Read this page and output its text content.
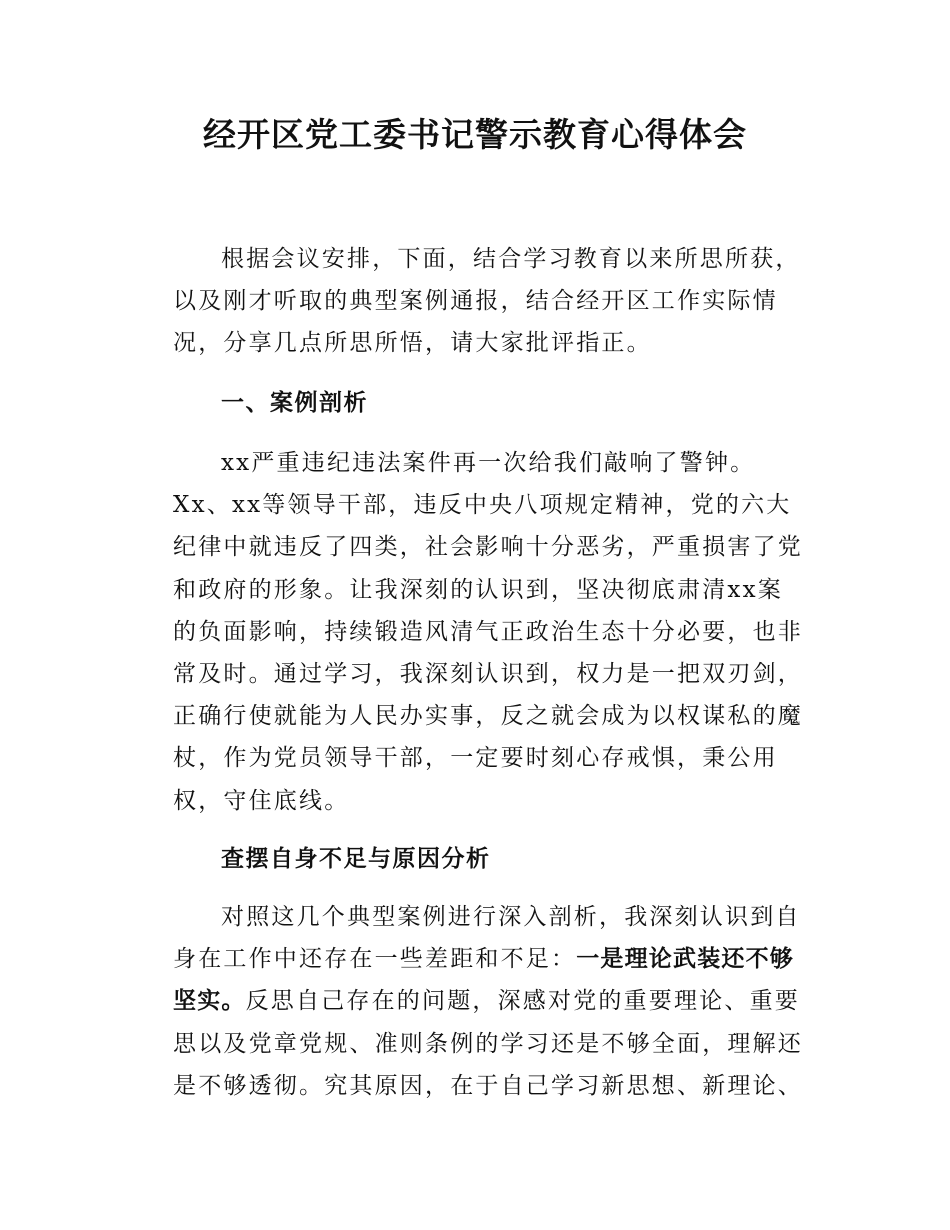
经开区党工委书记警示教育心得体会

根据会议安排，下面，结合学习教育以来所思所获，以及刚才听取的典型案例通报，结合经开区工作实际情况，分享几点所思所悟，请大家批评指正。

一、案例剖析

xx严重违纪违法案件再一次给我们敲响了警钟。Xx、xx等领导干部，违反中央八项规定精神，党的六大纪律中就违反了四类，社会影响十分恶劣，严重损害了党和政府的形象。让我深刻的认识到，坚决彻底肃清xx案的负面影响，持续锻造风清气正政治生态十分必要，也非常及时。通过学习，我深刻认识到，权力是一把双刃剑，正确行使就能为人民办实事，反之就会成为以权谋私的魔杖，作为党员领导干部，一定要时刻心存戒惧，秉公用权，守住底线。

查摆自身不足与原因分析

对照这几个典型案例进行深入剖析，我深刻认识到自身在工作中还存在一些差距和不足：一是理论武装还不够坚实。反思自己存在的问题，深感对党的重要理论、重要思以及党章党规、准则条例的学习还是不够全面，理解还是不够透彻。究其原因，在于自己学习新思想、新理论、
